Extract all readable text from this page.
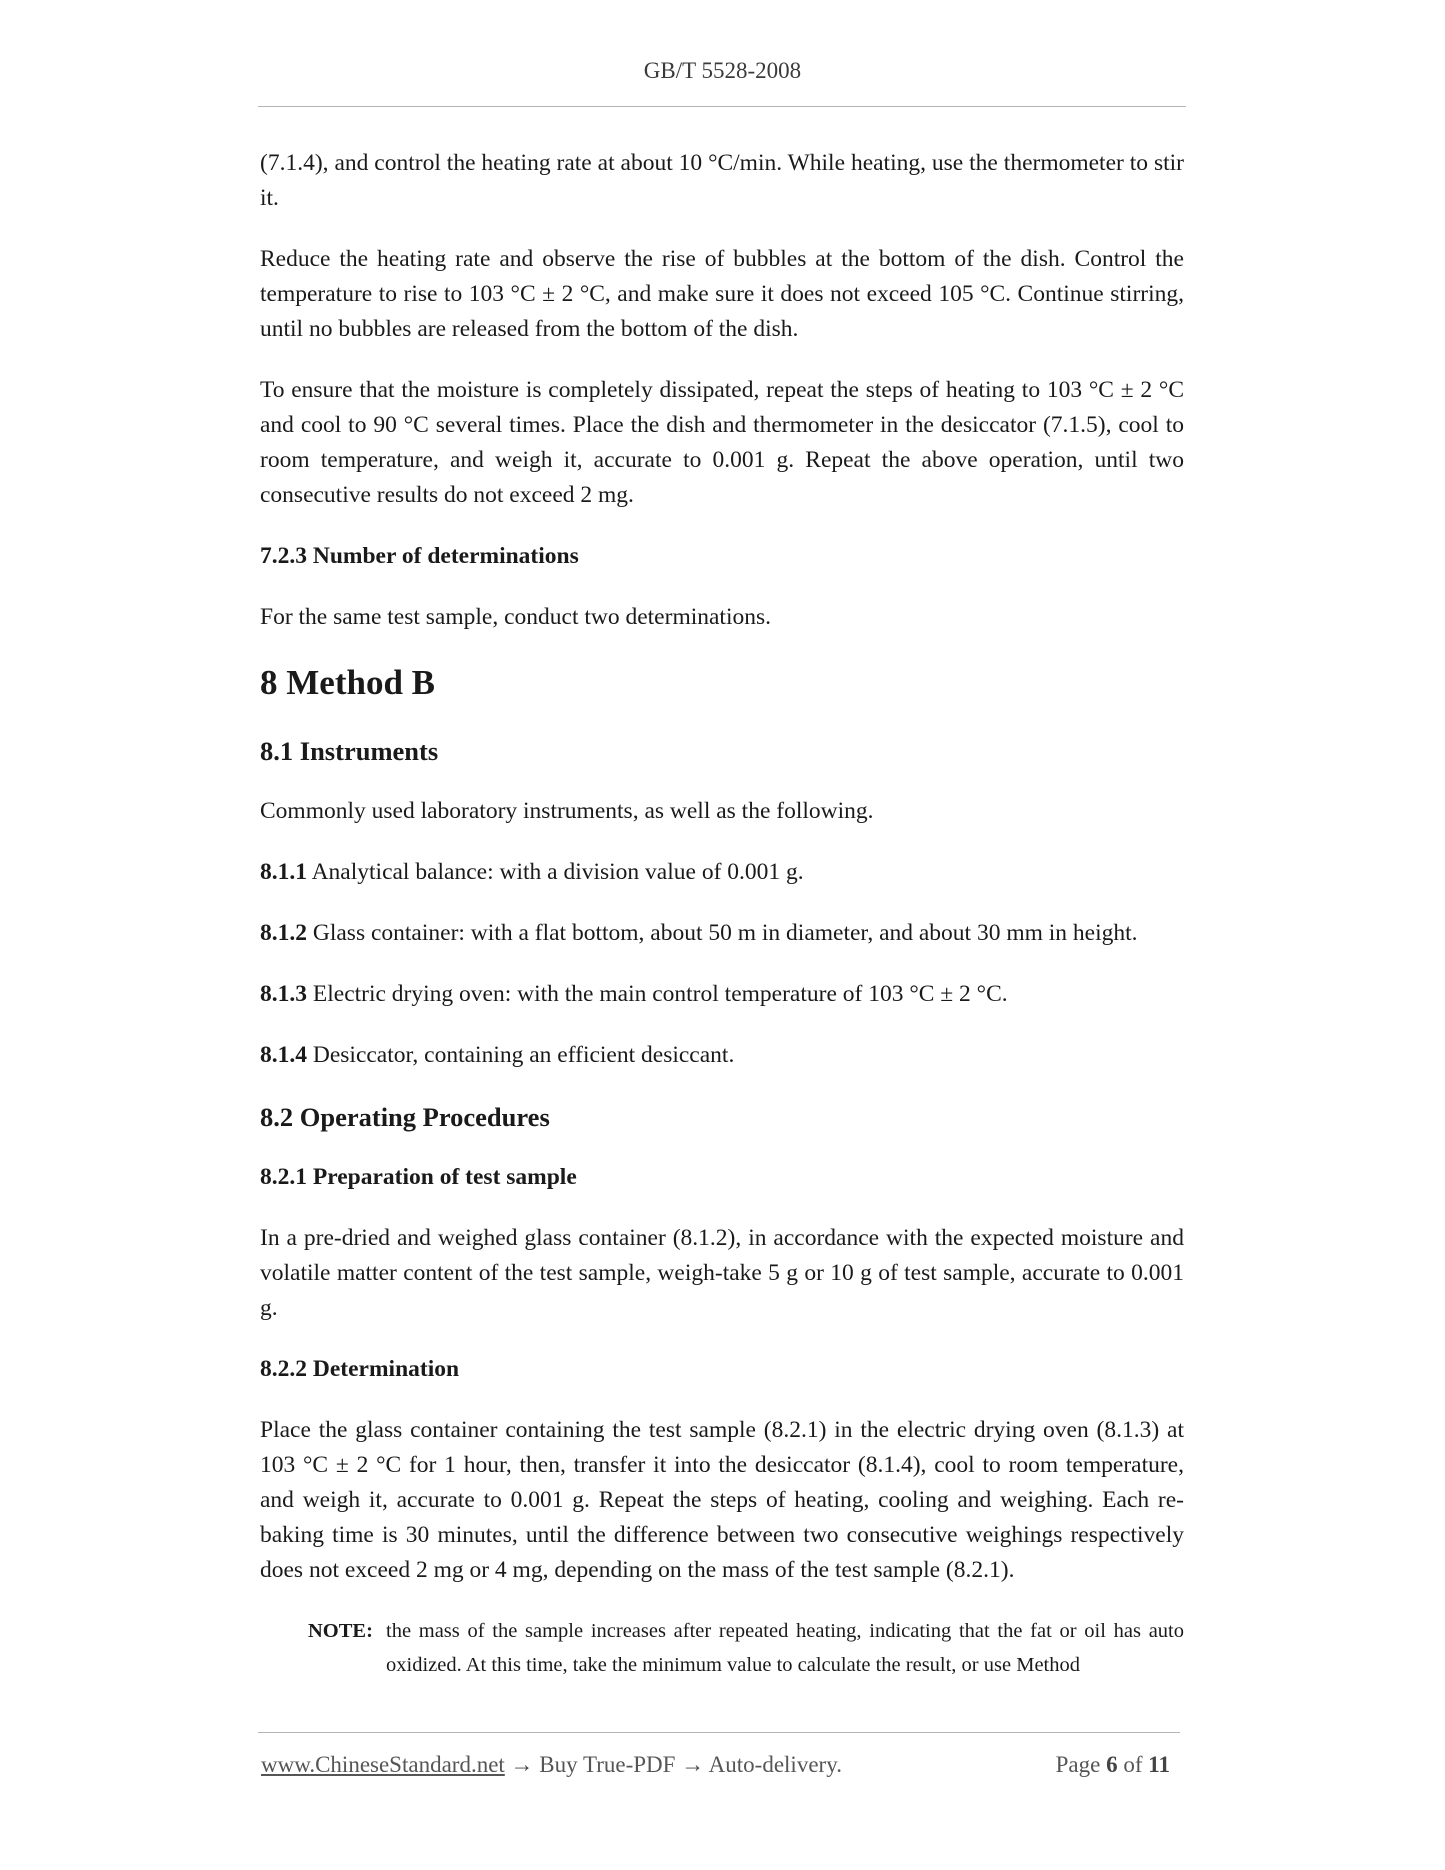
GB/T 5528-2008

(7.1.4), and control the heating rate at about 10 °C/min. While heating, use the thermometer to stir it.

Reduce the heating rate and observe the rise of bubbles at the bottom of the dish. Control the temperature to rise to 103 °C ± 2 °C, and make sure it does not exceed 105 °C. Continue stirring, until no bubbles are released from the bottom of the dish.

To ensure that the moisture is completely dissipated, repeat the steps of heating to 103 °C ± 2 °C and cool to 90 °C several times. Place the dish and thermometer in the desiccator (7.1.5), cool to room temperature, and weigh it, accurate to 0.001 g. Repeat the above operation, until two consecutive results do not exceed 2 mg.

7.2.3 Number of determinations

For the same test sample, conduct two determinations.

8 Method B
8.1 Instruments

Commonly used laboratory instruments, as well as the following.

8.1.1 Analytical balance: with a division value of 0.001 g.
8.1.2 Glass container: with a flat bottom, about 50 m in diameter, and about 30 mm in height.
8.1.3 Electric drying oven: with the main control temperature of 103 °C ± 2 °C.
8.1.4 Desiccator, containing an efficient desiccant.
8.2 Operating Procedures
8.2.1 Preparation of test sample

In a pre-dried and weighed glass container (8.1.2), in accordance with the expected moisture and volatile matter content of the test sample, weigh-take 5 g or 10 g of test sample, accurate to 0.001 g.

8.2.2 Determination

Place the glass container containing the test sample (8.2.1) in the electric drying oven (8.1.3) at 103 °C ± 2 °C for 1 hour, then, transfer it into the desiccator (8.1.4), cool to room temperature, and weigh it, accurate to 0.001 g. Repeat the steps of heating, cooling and weighing. Each re-baking time is 30 minutes, until the difference between two consecutive weighings respectively does not exceed 2 mg or 4 mg, depending on the mass of the test sample (8.2.1).

NOTE: the mass of the sample increases after repeated heating, indicating that the fat or oil has auto oxidized. At this time, take the minimum value to calculate the result, or use Method

www.ChineseStandard.net → Buy True-PDF → Auto-delivery.	Page 6 of 11
